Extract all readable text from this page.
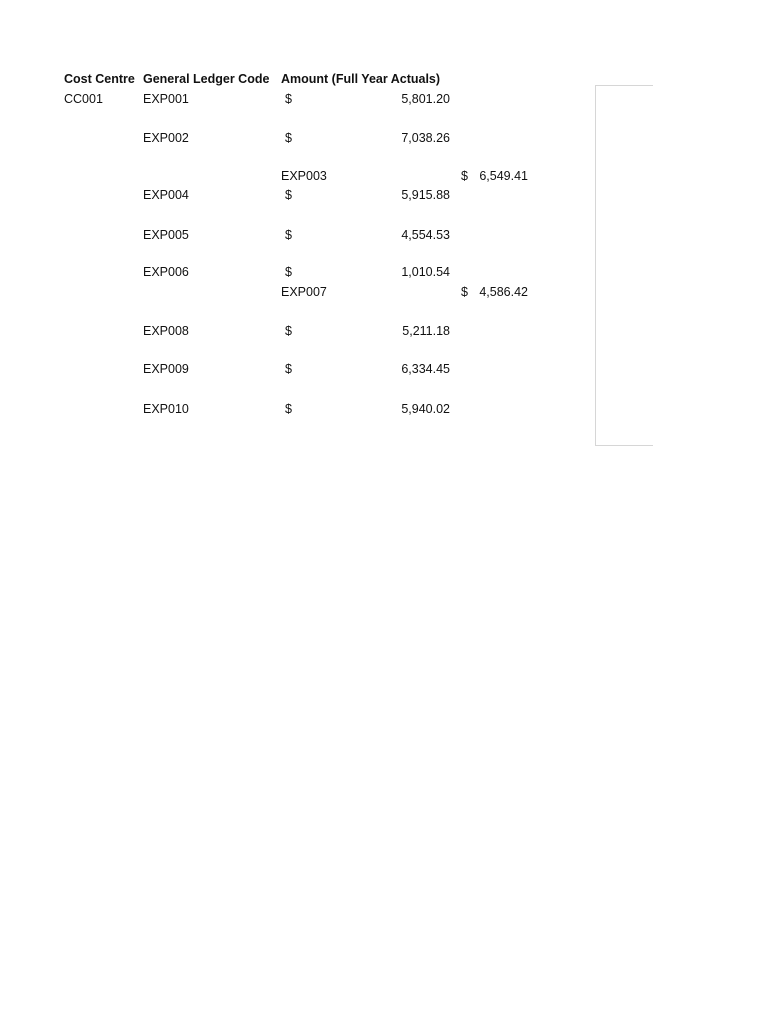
Cost Centre General Ledger Code Amount (Full Year Actuals)
CC001	EXP001	$	5,801.20
EXP002	$	7,038.26
EXP003	$ 6,549.41
EXP004	$	5,915.88
EXP005	$	4,554.53
EXP006	$	1,010.54
EXP007	$ 4,586.42
EXP008	$	5,211.18
EXP009	$	6,334.45
EXP010	$	5,940.02
